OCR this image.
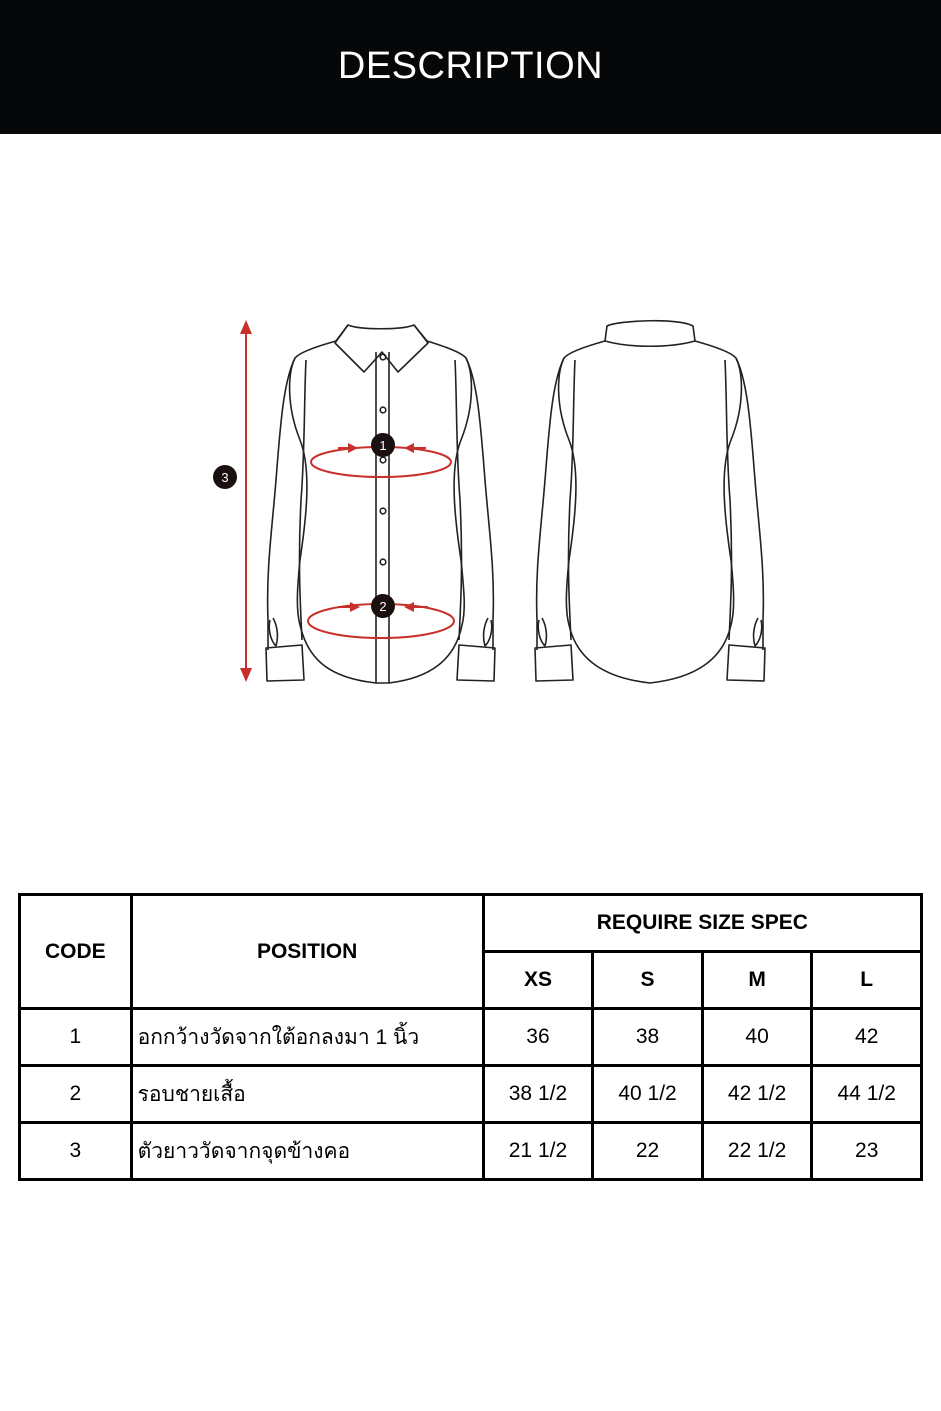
DESCRIPTION
1
2
3
CODE	POSITION	REQUIRE SIZE SPEC			
		XS	S	M	L
1	อกกว้างวัดจากใต้อกลงมา 1 นิ้ว	36	38	40	42
2	รอบชายเสื้อ	38 1/2	40 1/2	42 1/2	44 1/2
3	ตัวยาววัดจากจุดข้างคอ	21 1/2	22	22 1/2	23
